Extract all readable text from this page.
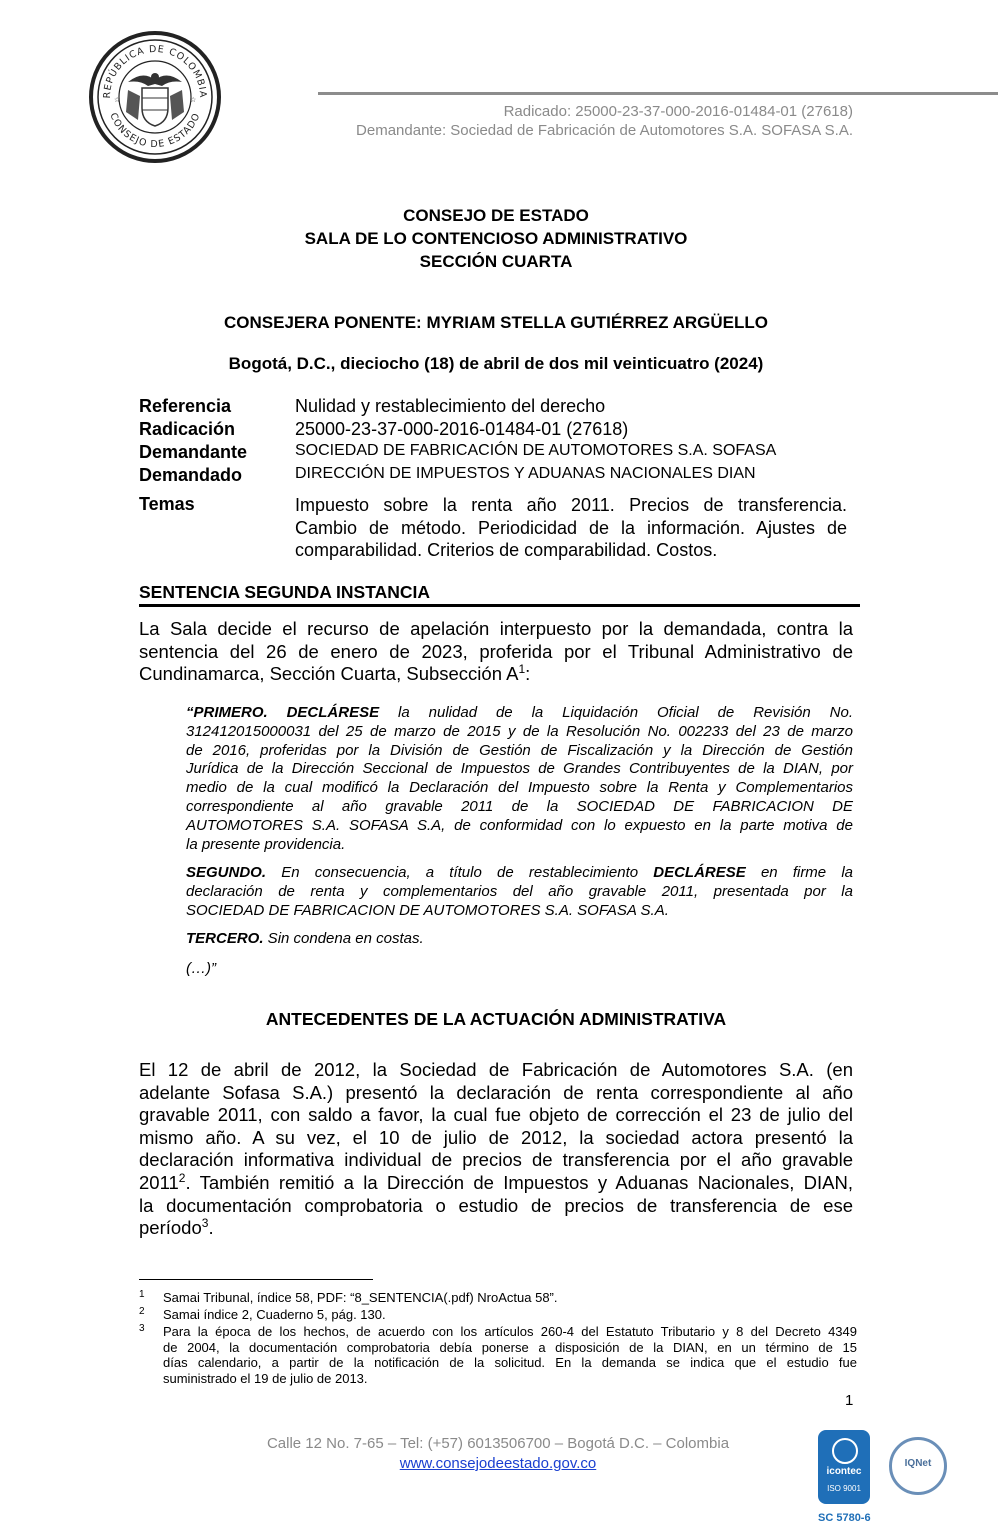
REPÚBLICA DE COLOMBIA
CONSEJO DE ESTADO
☆	☆
Radicado: 25000-23-37-000-2016-01484-01 (27618)
Demandante: Sociedad de Fabricación de Automotores S.A. SOFASA S.A.
CONSEJO DE ESTADO
SALA DE LO CONTENCIOSO ADMINISTRATIVO
SECCIÓN CUARTA
CONSEJERA PONENTE: MYRIAM STELLA GUTIÉRREZ ARGÜELLO
Bogotá, D.C., dieciocho (18) de abril de dos mil veinticuatro (2024)
Referencia	Nulidad y restablecimiento del derecho
Radicación	25000-23-37-000-2016-01484-01 (27618)
Demandante	SOCIEDAD DE FABRICACIÓN DE AUTOMOTORES S.A. SOFASA
Demandado	DIRECCIÓN DE IMPUESTOS Y ADUANAS NACIONALES DIAN
Temas	Impuesto sobre la renta año 2011. Precios de transferencia.
Cambio de método. Periodicidad de la información. Ajustes de
comparabilidad. Criterios de comparabilidad. Costos.
SENTENCIA SEGUNDA INSTANCIA
La Sala decide el recurso de apelación interpuesto por la demandada, contra la
sentencia del 26 de enero de 2023, proferida por el Tribunal Administrativo de
Cundinamarca, Sección Cuarta, Subsección $A^1$:
“PRIMERO. DECLÁRESE la nulidad de la Liquidación Oficial de Revisión No.
312412015000031 del 25 de marzo de 2015 y de la Resolución No. 002233 del 23 de marzo
de 2016, proferidas por la División de Gestión de Fiscalización y la Dirección de Gestión
Jurídica de la Dirección Seccional de Impuestos de Grandes Contribuyentes de la DIAN, por
medio de la cual modificó la Declaración del Impuesto sobre la Renta y Complementarios
correspondiente al año gravable 2011 de la SOCIEDAD DE FABRICACION DE
AUTOMOTORES S.A. SOFASA S.A, de conformidad con lo expuesto en la parte motiva de
la presente providencia.
SEGUNDO. En consecuencia, a título de restablecimiento DECLÁRESE en firme la
declaración de renta y complementarios del año gravable 2011, presentada por la
SOCIEDAD DE FABRICACION DE AUTOMOTORES S.A. SOFASA S.A.
TERCERO. Sin condena en costas.
(…)”
ANTECEDENTES DE LA ACTUACIÓN ADMINISTRATIVA
El 12 de abril de 2012, la Sociedad de Fabricación de Automotores S.A. (en
adelante Sofasa S.A.) presentó la declaración de renta correspondiente al año
gravable 2011, con saldo a favor, la cual fue objeto de corrección el 23 de julio del
mismo año. A su vez, el 10 de julio de 2012, la sociedad actora presentó la
declaración informativa individual de precios de transferencia por el año gravable
2011$^2$. También remitió a la Dirección de Impuestos y Aduanas Nacionales, DIAN,
la documentación comprobatoria o estudio de precios de transferencia de ese
período$^3$.
1 Samai Tribunal, índice 58, PDF: “8_SENTENCIA(.pdf) NroActua 58”.
2 Samai índice 2, Cuaderno 5, pág. 130.
3 Para la época de los hechos, de acuerdo con los artículos 260-4 del Estatuto Tributario y 8 del Decreto 4349
de 2004, la documentación comprobatoria debía ponerse a disposición de la DIAN, en un término de 15
días calendario, a partir de la notificación de la solicitud. En la demanda se indica que el estudio fue
suministrado el 19 de julio de 2013.
1
Calle 12 No. 7-65 – Tel: (+57) 6013506700 – Bogotá D.C. – Colombia
www.consejodeestado.gov.co	icontec
ISO 9001
IQNet
SC 5780-6
